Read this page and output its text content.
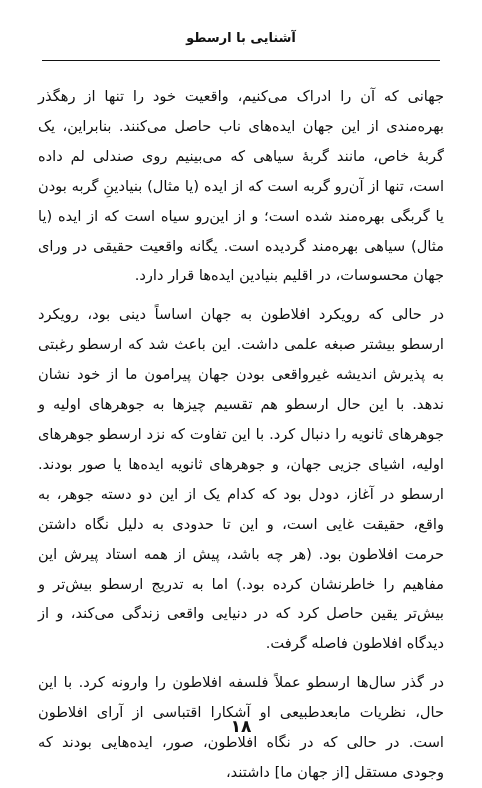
آشنایی با ارسطو

جهانی که آن را ادراک می‌کنیم، واقعیت خود را تنها از رهگذر بهره‌مندی از این جهان ایده‌های ناب حاصل می‌کنند. بنابراین، یک گربهٔ خاص، مانند گربهٔ سیاهی که می‌بینیم روی صندلی لم داده است، تنها از آن‌رو گربه است که از ایده (یا مثال) بنیادینِ گربه بودن یا گربگی بهره‌مند شده است؛ و از این‌رو سیاه است که از ایده (یا مثال) سیاهی بهره‌مند گردیده است. یگانه واقعیت حقیقی در ورای جهان محسوسات، در اقلیم بنیادین ایده‌ها قرار دارد.

در حالی که رویکرد افلاطون به جهان اساساً دینی بود، رویکرد ارسطو بیشتر صبغه علمی داشت. این باعث شد که ارسطو رغبتی به پذیرش اندیشه غیرواقعی بودن جهان پیرامون ما از خود نشان ندهد. با این حال ارسطو هم تقسیم چیزها به جوهرهای اولیه و جوهرهای ثانویه را دنبال کرد. با این تفاوت که نزد ارسطو جوهرهای اولیه، اشیای جزیی جهان، و جوهرهای ثانویه ایده‌ها یا صور بودند. ارسطو در آغاز، دودل بود که کدام یک از این دو دسته جوهر، به واقع، حقیقت غایی است، و این تا حدودی به دلیل نگاه داشتن حرمت افلاطون بود. (هر چه باشد، پیش از همه استاد پیرش این مفاهیم را خاطرنشان کرده بود.) اما به تدریج ارسطو بیش‌تر و بیش‌تر یقین حاصل کرد که در دنیایی واقعی زندگی می‌کند، و از دیدگاه افلاطون فاصله گرفت.

در گذر سال‌ها ارسطو عملاً فلسفه افلاطون را وارونه کرد. با این حال، نظریات مابعدطبیعی او آشکارا اقتباسی از آرای افلاطون است. در حالی که در نگاه افلاطون، صور، ایده‌هایی بودند که وجودی مستقل [از جهان ما] داشتند،

۱۸
